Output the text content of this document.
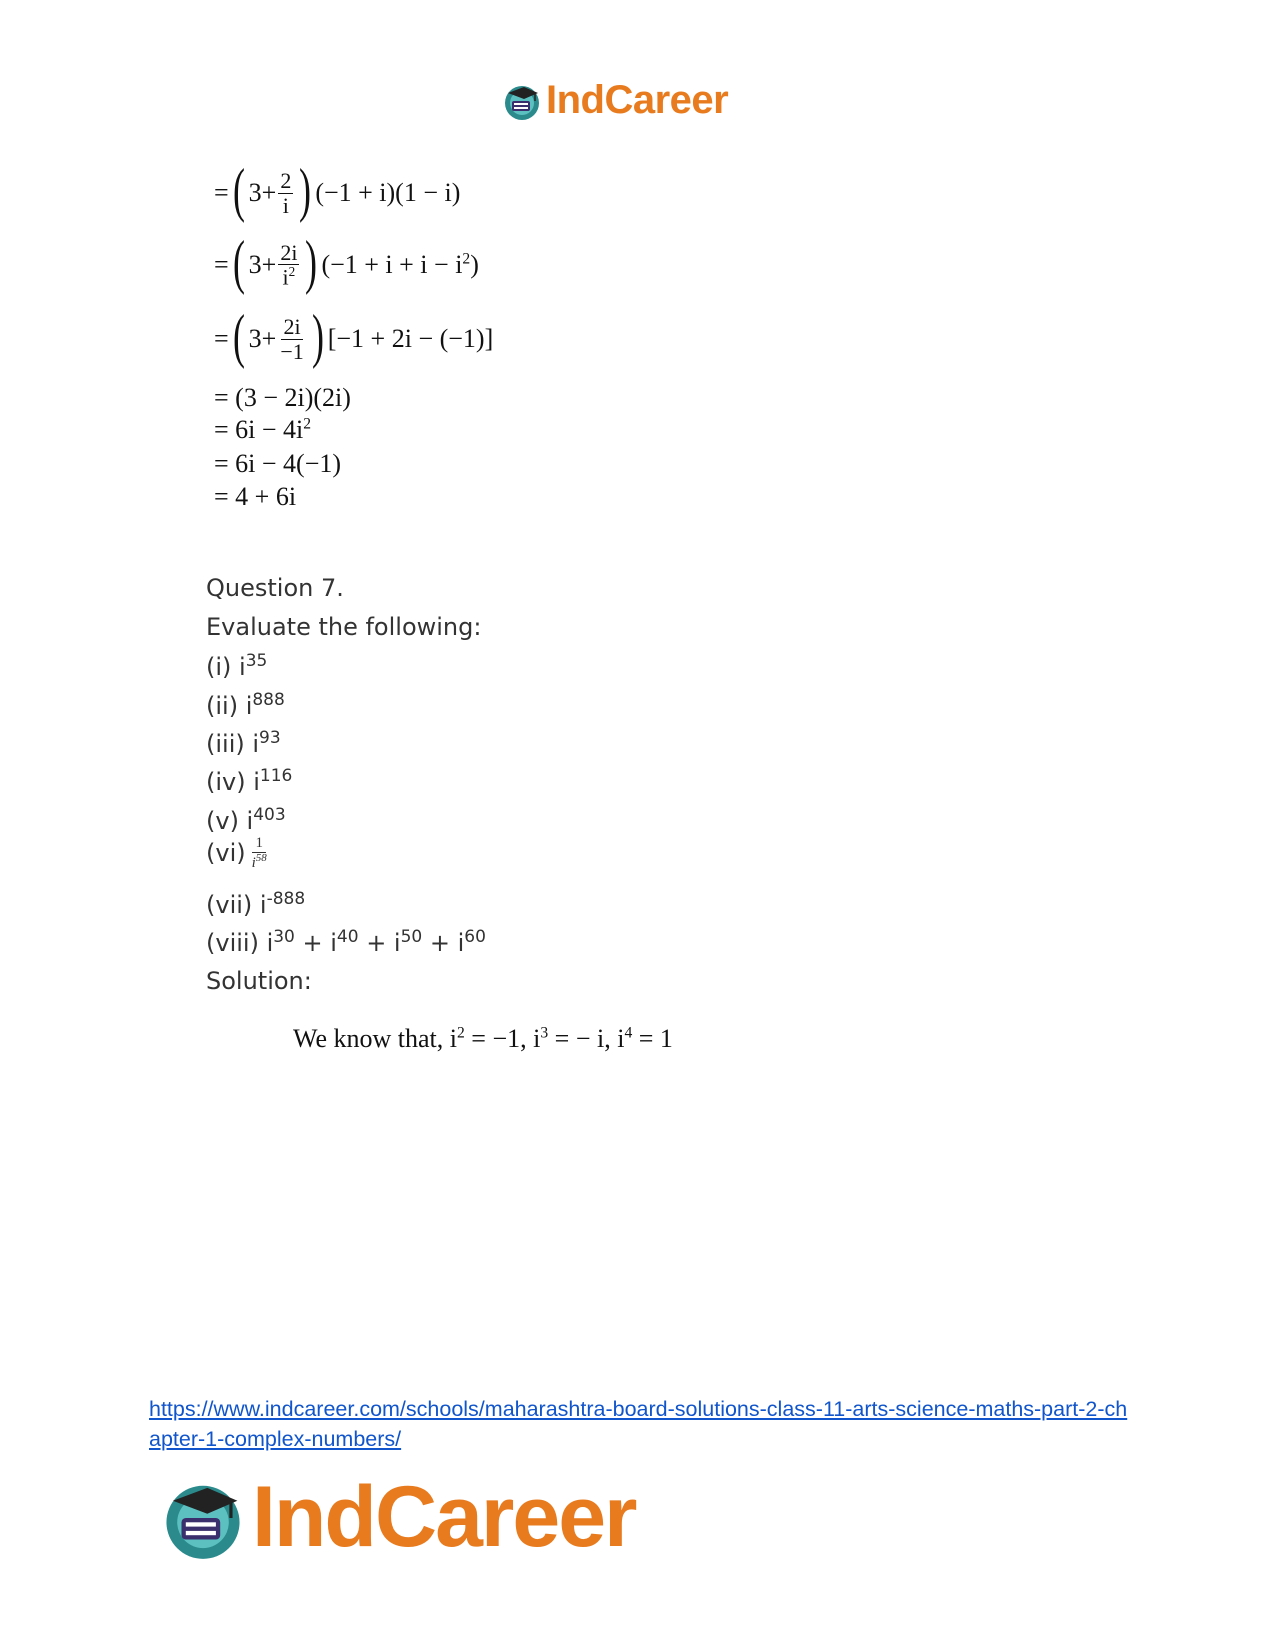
IndCareer
= ( $3+ \frac{2}{i}$ ) (−1 + i)(1 − i)
= ( $3+ \frac{2i}{i^2}$ ) $(-1 + i + i - i^2)$
= ( $3+ \frac{2i}{-1}$ ) [−1 + 2i − (−1)]
= (3 − 2i)(2i)
= $6i - 4i^2$
= 6i − 4(−1)
= 4 + 6i
Question 7.
Evaluate the following:
(i) $i^{35}$
(ii) $i^{888}$
(iii) $i^{93}$
(iv) $i^{116}$
(v) $i^{403}$
$(vi) \frac{1}{i^{58}}$
(vii) $i^{-888}$
(viii) $i^{30} + i^{40} + i^{50} + i^{60}$
Solution:
We know that, $i^2 = -1$, $i^3$ = − i, $i^4 = 1$
https://www.indcareer.com/schools/maharashtra-board-solutions-class-11-arts-science-maths-part-2-chapter-1-complex-numbers/
IndCareer
